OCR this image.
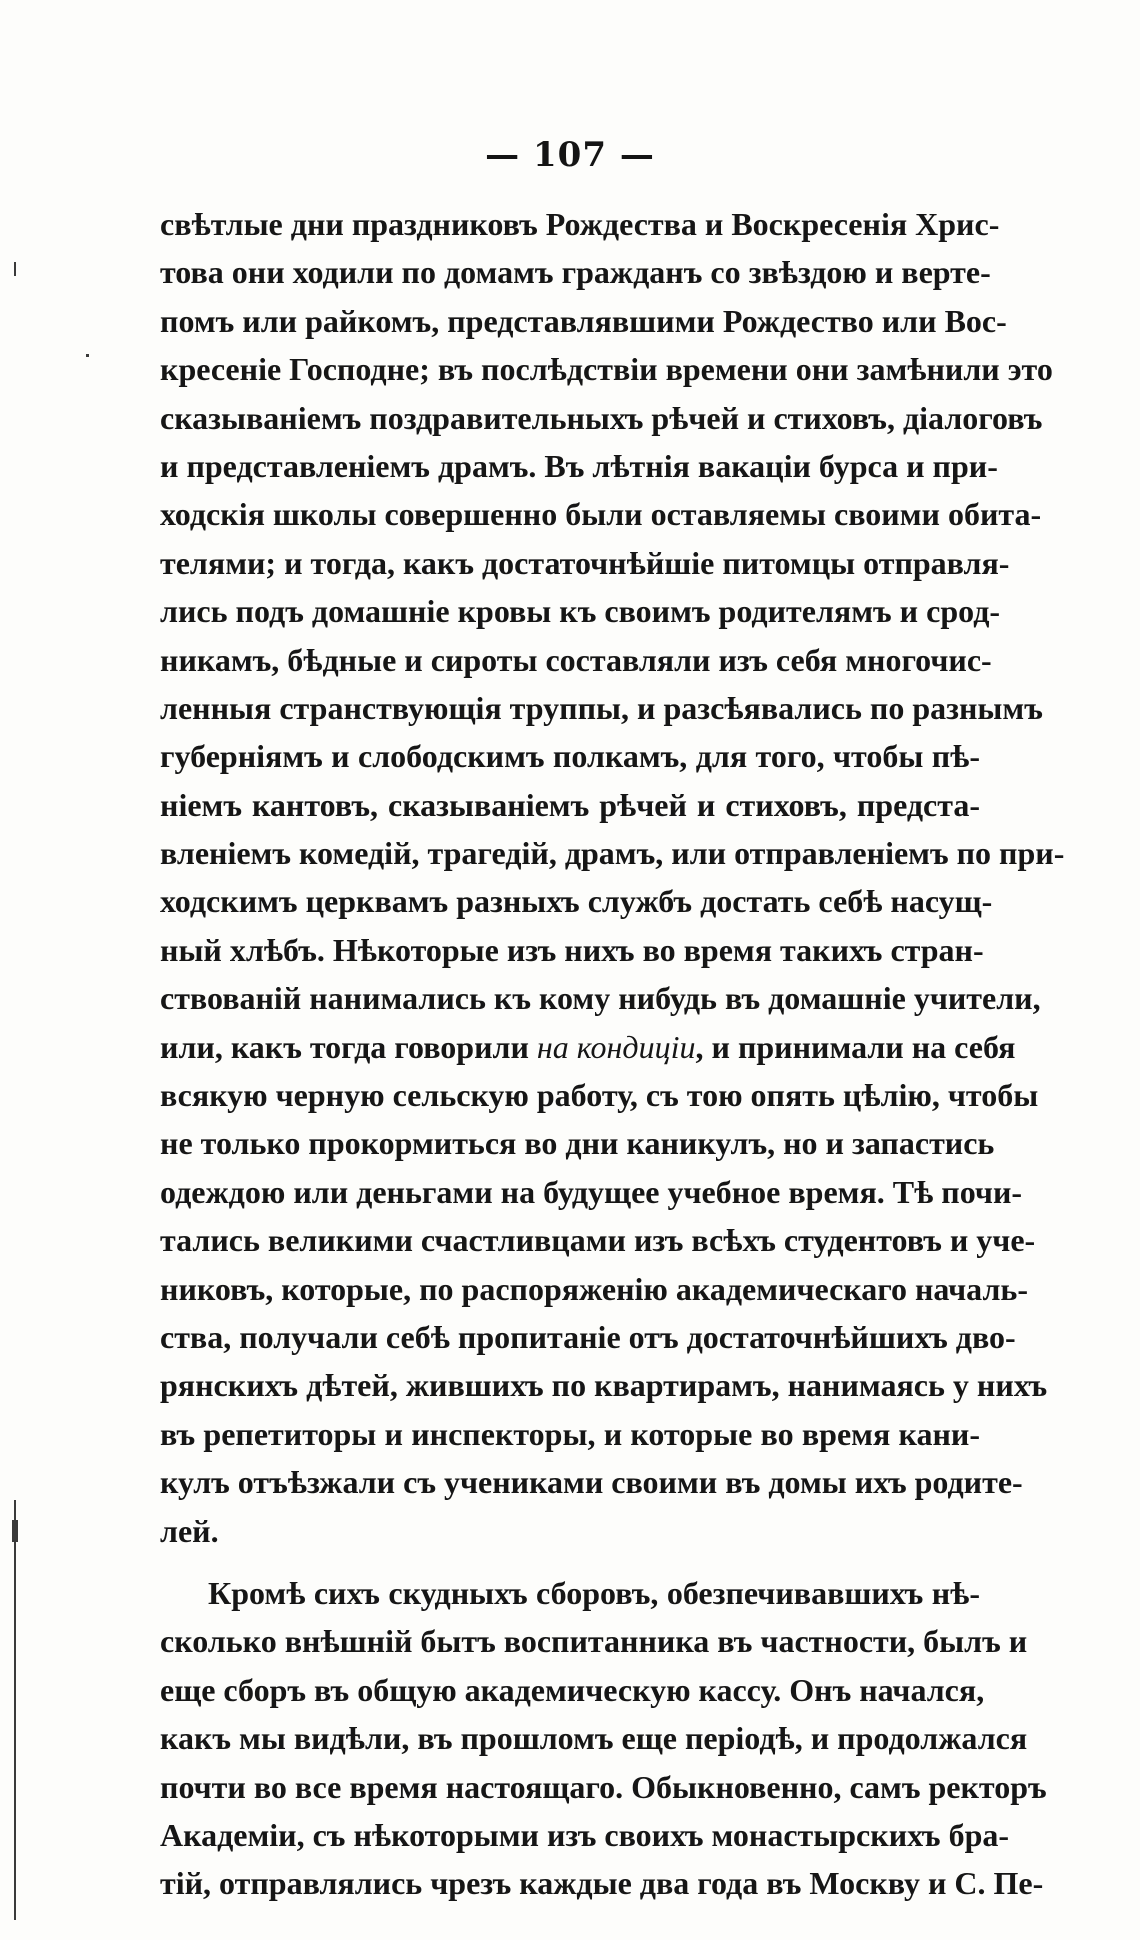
— 107 —
свѣтлые дни праздниковъ Рождества и Воскресенія Хрис-
това они ходили по домамъ гражданъ со звѣздою и верте-
помъ или райкомъ, представлявшими Рождество или Вос-
кресеніе Господне; въ послѣдствіи времени они замѣнили это
сказываніемъ поздравительныхъ рѣчей и стиховъ, діалоговъ
и представленіемъ драмъ. Въ лѣтнія вакаціи бурса и при-
ходскія школы совершенно были оставляемы своими обита-
телями; и тогда, какъ достаточнѣйшіе питомцы отправля-
лись подъ домашніе кровы къ своимъ родителямъ и срод-
никамъ, бѣдные и сироты составляли изъ себя многочис-
ленныя странствующія труппы, и разсѣявались по разнымъ
губерніямъ и слободскимъ полкамъ, для того, чтобы пѣ-
ніемъ кантовъ, сказываніемъ рѣчей и стиховъ, предста-
вленіемъ комедій, трагедій, драмъ, или отправленіемъ по при-
ходскимъ церквамъ разныхъ службъ достать себѣ насущ-
ный хлѣбъ. Нѣкоторые изъ нихъ во время такихъ стран-
ствованій нанимались къ кому нибудь въ домашніе учители,
или, какъ тогда говорили на кондиціи, и принимали на себя
всякую черную сельскую работу, съ тою опять цѣлію, чтобы
не только прокормиться во дни каникулъ, но и запастись
одеждою или деньгами на будущее учебное время. Тѣ почи-
тались великими счастливцами изъ всѣхъ студентовъ и уче-
никовъ, которые, по распоряженію академическаго началь-
ства, получали себѣ пропитаніе отъ достаточнѣйшихъ дво-
рянскихъ дѣтей, жившихъ по квартирамъ, нанимаясь у нихъ
въ репетиторы и инспекторы, и которые во время кани-
кулъ отъѣзжали съ учениками своими въ домы ихъ родите-
лей.
Кромѣ сихъ скудныхъ сборовъ, обезпечивавшихъ нѣ-
сколько внѣшній бытъ воспитанника въ частности, былъ и
еще сборъ въ общую академическую кассу. Онъ начался,
какъ мы видѣли, въ прошломъ еще періодѣ, и продолжался
почти во все время настоящаго. Обыкновенно, самъ ректоръ
Академіи, съ нѣкоторыми изъ своихъ монастырскихъ бра-
тій, отправлялись чрезъ каждые два года въ Москву и С. Пе-
